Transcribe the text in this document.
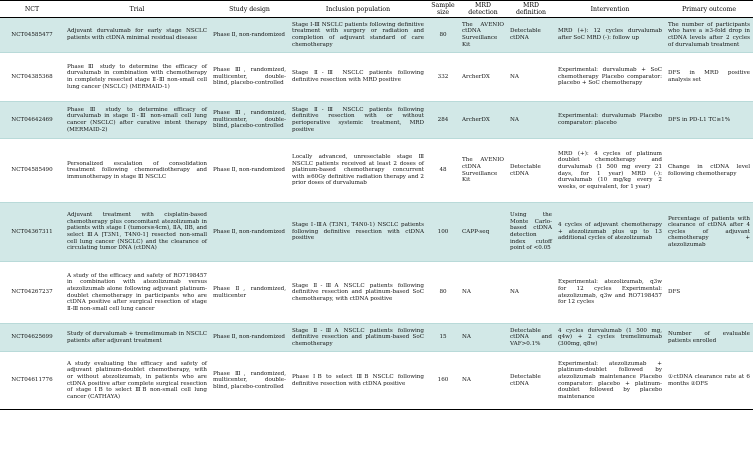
NCT	Trial	Study design	Inclusion population	Sample size	MRD detection	MRD definition	Intervention	Primary outcome
NCT04585477	Adjuvant durvalumab for early stage NSCLC patients with ctDNA minimal residual disease	Phase Ⅱ, non-randomized	Stage Ⅰ-Ⅲ NSCLC patients following definitive treatment with surgery or radiation and completion of adjuvant standard of care chemotherapy	80	The AVENIO ctDNA Surveillance Kit	Detectable ctDNA	MRD (+): 12 cycles durvalumab after SoC MRD (-): follow up	The number of participants who have a ≥3-fold drop in ctDNA levels after 2 cycles of durvalumab treatment
NCT04385368	Phase Ⅲ study to determine the efficacy of durvalumab in combination with chemotherapy in completely resected stage Ⅱ-Ⅲ non-small cell lung cancer (NSCLC) (MERMAID-1)	Phase Ⅲ, randomized, multicenter, double-blind, placebo-controlled	Stage Ⅱ-Ⅲ NSCLC patients following definitive resection with MRD positive	332	ArcherDX	NA	Experimental: durvalumab + SoC chemotherapy Placebo comparator: placebo + SoC chemotherapy	DFS in MRD positive analysis set
NCT04642469	Phase Ⅲ study to determine efficacy of durvalumab in stage Ⅱ-Ⅲ non-small cell lung cancer (NSCLC) after curative intent therapy (MERMAID-2)	Phase Ⅲ, randomized, multicenter, double-blind, placebo-controlled	Stage Ⅱ-Ⅲ NSCLC patients following definitive resection with or without perioperative systemic treatment, MRD positive	284	ArcherDX	NA	Experimental: durvalumab Placebo comparator: placebo	DFS in PD-L1 TC≥1%
NCT04585490	Personalized escalation of consolidation treatment following chemoradiotherapy and immunotherapy in stage Ⅲ NSCLC	Phase Ⅱ, non-randomized	Locally advanced, unresectable stage Ⅲ NSCLC patients received at least 2 doses of platinum-based chemotherapy concurrent with ≥60Gy definitive radiation therapy and 2 prior doses of durvalumab	48	The AVENIO ctDNA Surveillance Kit	Detectable ctDNA	MRD (+): 4 cycles of platinum doublet chemotherapy and durvalumab (1 500 mg every 21 days, for 1 year) MRD (-): durvalumab (10 mg/kg every 2 weeks, or equivalent, for 1 year)	Change in ctDNA level following chemotherapy
NCT04367311	Adjuvant treatment with cisplatin-based chemotherapy plus concomitant atezolizumab in patients with stage Ⅰ (tumors≥4cm), ⅡA, ⅡB, and select ⅢA [T3N1, T4N0-1] resected non-small cell lung cancer (NSCLC) and the clearance of circulating tumor DNA (ctDNA)	Phase Ⅱ, non-randomized	Stage Ⅰ-ⅢA (T3N1, T4N0-1) NSCLC patients following definitive resection with ctDNA positive	100	CAPP-seq	Using the Monte Carlo-based ctDNA detection index cutoff point of <0.05	4 cycles of adjuvant chemotherapy + atezolizumab plus up to 13 additional cycles of atezolizumab	Percentage of patients with clearance of ctDNA after 4 cycles of adjuvant chemotherapy + atezolizumab
NCT04267237	A study of the efficacy and safety of RO7198457 in combination with atezolizumab versus atezolizumab alone following adjuvant platinum-doublet chemotherapy in participants who are ctDNA positive after surgical resection of stage Ⅱ-Ⅲ non-small cell lung cancer	Phase Ⅱ, randomized, multicenter	Stage Ⅱ-ⅢA NSCLC patients following definitive resection and platinum-based SoC chemotherapy, with ctDNA positive	80	NA	NA	Experimental: atezolizumab, q3w for 12 cycles Experimental: atezolizumab, q3w and RO7198457 for 12 cycles	DFS
NCT04625699	Study of durvalumab + tremelimumab in NSCLC patients after adjuvant treatment	Phase Ⅱ, non-randomized	Stage Ⅱ-ⅢA NSCLC patients following definitive resection and platinum-based SoC chemotherapy	15	NA	Detectable ctDNA and VAF>0.1%	4 cycles durvalumab (1 500 mg, q4w) + 2 cycles tremelimumab (300mg, q8w)	Number of evaluable patients enrolled
NCT04611776	A study evaluating the efficacy and safety of adjuvant platinum-doublet chemotherapy, with or without atezolizumab, in patients who are ctDNA positive after complete surgical resection of stage ⅠB to select ⅢB non-small cell lung cancer (CATHAYA)	Phase Ⅲ, randomized, multicenter, double-blind, placebo-controlled	Phase ⅠB to select ⅢB NSCLC following definitive resection with ctDNA positive	160	NA	Detectable ctDNA	Experimental: atezolizumab + platinum-doublet followed by atezolizumab maintenance Placebo comparator: placebo + platinum-doublet followed by placebo maintenance	①ctDNA clearance rate at 6 months ②DFS
